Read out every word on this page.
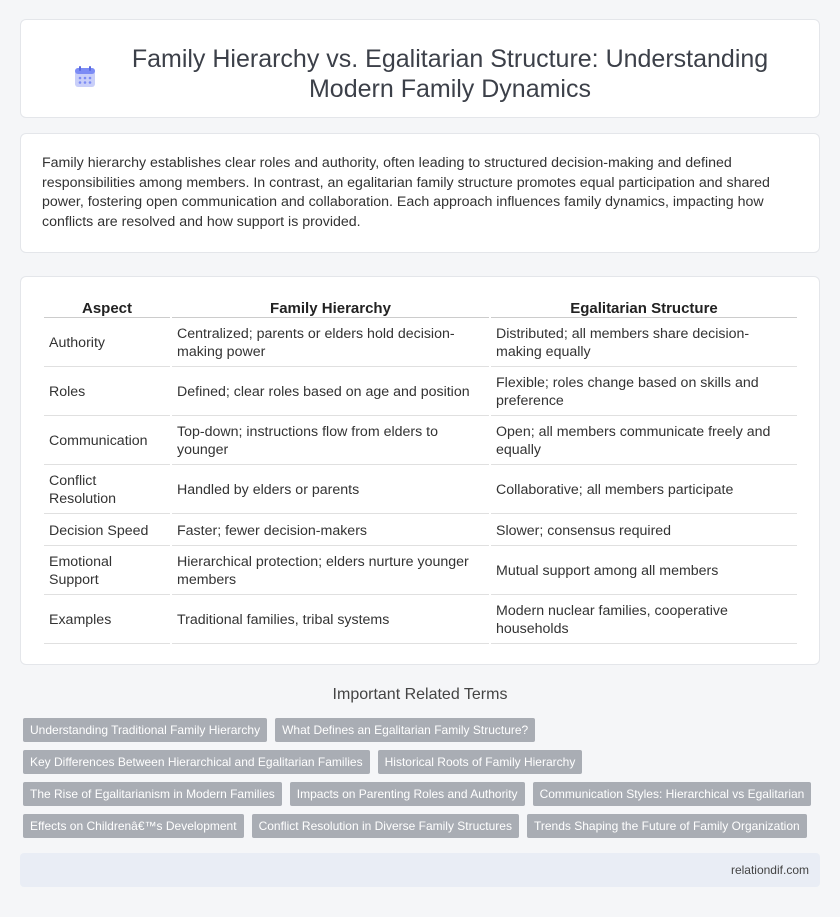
Family Hierarchy vs. Egalitarian Structure: Understanding Modern Family Dynamics

Family hierarchy establishes clear roles and authority, often leading to structured decision-making and defined responsibilities among members. In contrast, an egalitarian family structure promotes equal participation and shared power, fostering open communication and collaboration. Each approach influences family dynamics, impacting how conflicts are resolved and how support is provided.

Aspect	Family Hierarchy	Egalitarian Structure
Authority	Centralized; parents or elders hold decision-making power	Distributed; all members share decision-making equally
Roles	Defined; clear roles based on age and position	Flexible; roles change based on skills and preference
Communication	Top-down; instructions flow from elders to younger	Open; all members communicate freely and equally
Conflict Resolution	Handled by elders or parents	Collaborative; all members participate
Decision Speed	Faster; fewer decision-makers	Slower; consensus required
Emotional Support	Hierarchical protection; elders nurture younger members	Mutual support among all members
Examples	Traditional families, tribal systems	Modern nuclear families, cooperative households
Important Related Terms
Understanding Traditional Family Hierarchy	What Defines an Egalitarian Family Structure?
Key Differences Between Hierarchical and Egalitarian Families	Historical Roots of Family Hierarchy
The Rise of Egalitarianism in Modern Families	Impacts on Parenting Roles and Authority	Communication Styles: Hierarchical vs Egalitarian
Effects on Childrenâ€™s Development	Conflict Resolution in Diverse Family Structures	Trends Shaping the Future of Family Organization
relationdif.com
